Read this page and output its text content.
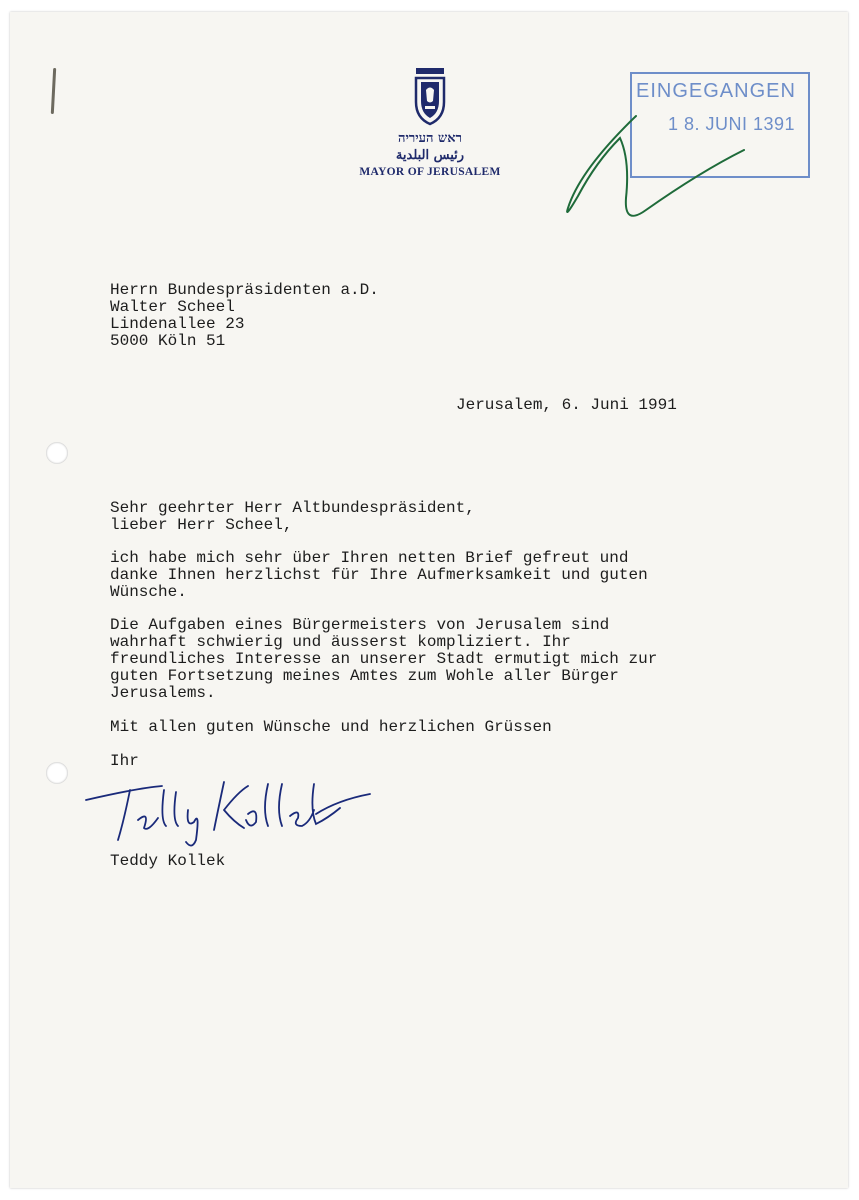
ראש העיריה
رئيس البلدية
MAYOR OF JERUSALEM
EINGEGANGEN
1 8. JUNI 1391
Herrn Bundespräsidenten a.D.
Walter Scheel
Lindenallee 23
5000 Köln 51
Jerusalem, 6. Juni 1991
Sehr geehrter Herr Altbundespräsident,
lieber Herr Scheel,
ich habe mich sehr über Ihren netten Brief gefreut und
danke Ihnen herzlichst für Ihre Aufmerksamkeit und guten
Wünsche.
Die Aufgaben eines Bürgermeisters von Jerusalem sind
wahrhaft schwierig und äusserst kompliziert. Ihr
freundliches Interesse an unserer Stadt ermutigt mich zur
guten Fortsetzung meines Amtes zum Wohle aller Bürger
Jerusalems.
Mit allen guten Wünsche und herzlichen Grüssen
Ihr
Teddy Kollek
